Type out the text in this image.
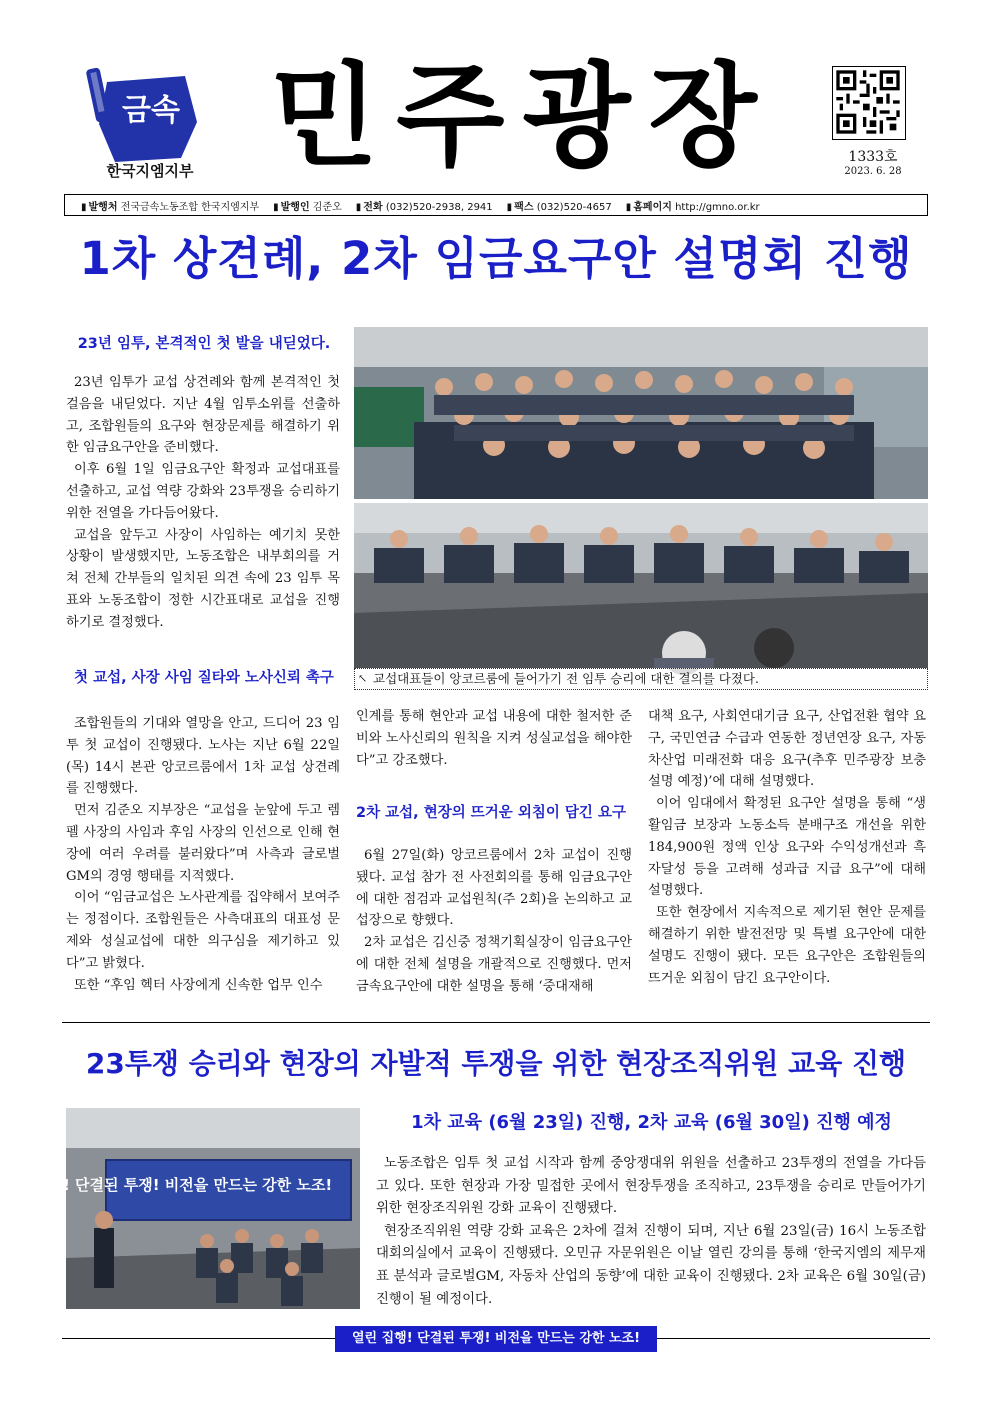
금속
한국지엠지부 민주광장	1333호
2023. 6. 28
▮ 발행처 전국금속노동조합 한국지엠지부	▮ 발행인 김준오	▮ 전화 (032)520-2938, 2941	▮ 팩스 (032)520-4657	▮ 홈페이지 http://gmno.or.kr
1차 상견례, 2차 임금요구안 설명회 진행
23년 임투, 본격적인 첫 발을 내딛었다.

23년 임투가 교섭 상견례와 함께 본격적인 첫 걸음을 내딛었다. 지난 4월 임투소위를 선출하고, 조합원들의 요구와 현장문제를 해결하기 위한 임금요구안을 준비했다.

이후 6월 1일 임금요구안 확정과 교섭대표를 선출하고, 교섭 역량 강화와 23투쟁을 승리하기 위한 전열을 가다듬어왔다.

교섭을 앞두고 사장이 사임하는 예기치 못한 상황이 발생했지만, 노동조합은 내부회의를 거쳐 전체 간부들의 일치된 의견 속에 23 임투 목표와 노동조합이 정한 시간표대로 교섭을 진행하기로 결정했다.

첫 교섭, 사장 사임 질타와 노사신뢰 촉구	↖ 교섭대표들이 앙코르룸에 들어가기 전 임투 승리에 대한 결의를 다졌다.

조합원들의 기대와 열망을 안고, 드디어 23 임투 첫 교섭이 진행됐다. 노사는 지난 6월 22일(목) 14시 본관 앙코르룸에서 1차 교섭 상견례를 진행했다.

먼저 김준오 지부장은 “교섭을 눈앞에 두고 렘펠 사장의 사임과 후임 사장의 인선으로 인해 현장에 여러 우려를 불러왔다”며 사측과 글로벌GM의 경영 행태를 지적했다.

이어 “임금교섭은 노사관계를 집약해서 보여주는 정점이다. 조합원들은 사측대표의 대표성 문제와 성실교섭에 대한 의구심을 제기하고 있다”고 밝혔다.

또한 “후임 헥터 사장에게 신속한 업무 인수

인계를 통해 현안과 교섭 내용에 대한 철저한 준비와 노사신뢰의 원칙을 지켜 성실교섭을 해야한다”고 강조했다.

2차 교섭, 현장의 뜨거운 외침이 담긴 요구

6월 27일(화) 앙코르룸에서 2차 교섭이 진행됐다. 교섭 참가 전 사전회의를 통해 임금요구안에 대한 점검과 교섭원칙(주 2회)을 논의하고 교섭장으로 향했다.

2차 교섭은 김신중 정책기획실장이 임금요구안에 대한 전체 설명을 개괄적으로 진행했다. 먼저 금속요구안에 대한 설명을 통해 ‘중대재해

대책 요구, 사회연대기금 요구, 산업전환 협약 요구, 국민연금 수급과 연동한 정년연장 요구, 자동차산업 미래전화 대응 요구(추후 민주광장 보충 설명 예정)’에 대해 설명했다.

이어 임대에서 확정된 요구안 설명을 통해 “생활임금 보장과 노동소득 분배구조 개선을 위한 184,900원 정액 인상 요구와 수익성개선과 흑자달성 등을 고려해 성과급 지급 요구”에 대해 설명했다.

또한 현장에서 지속적으로 제기된 현안 문제를 해결하기 위한 발전전망 및 특별 요구안에 대한 설명도 진행이 됐다. 모든 요구안은 조합원들의 뜨거운 외침이 담긴 요구안이다.

23투쟁 승리와 현장의 자발적 투쟁을 위한 현장조직위원 교육 진행
열린 집행! 단결된 투쟁! 비전을 만드는 강한 노조!
1차 교육 (6월 23일) 진행, 2차 교육 (6월 30일) 진행 예정

노동조합은 임투 첫 교섭 시작과 함께 중앙쟁대위 위원을 선출하고 23투쟁의 전열을 가다듬고 있다. 또한 현장과 가장 밀접한 곳에서 현장투쟁을 조직하고, 23투쟁을 승리로 만들어가기 위한 현장조직위원 강화 교육이 진행됐다.

현장조직위원 역량 강화 교육은 2차에 걸쳐 진행이 되며, 지난 6월 23일(금) 16시 노동조합 대회의실에서 교육이 진행됐다. 오민규 자문위원은 이날 열린 강의를 통해 ‘한국지엠의 제무재표 분석과 글로벌GM, 자동차 산업의 동향’에 대한 교육이 진행됐다. 2차 교육은 6월 30일(금) 진행이 될 예정이다.

열린 집행! 단결된 투쟁! 비전을 만드는 강한 노조!
